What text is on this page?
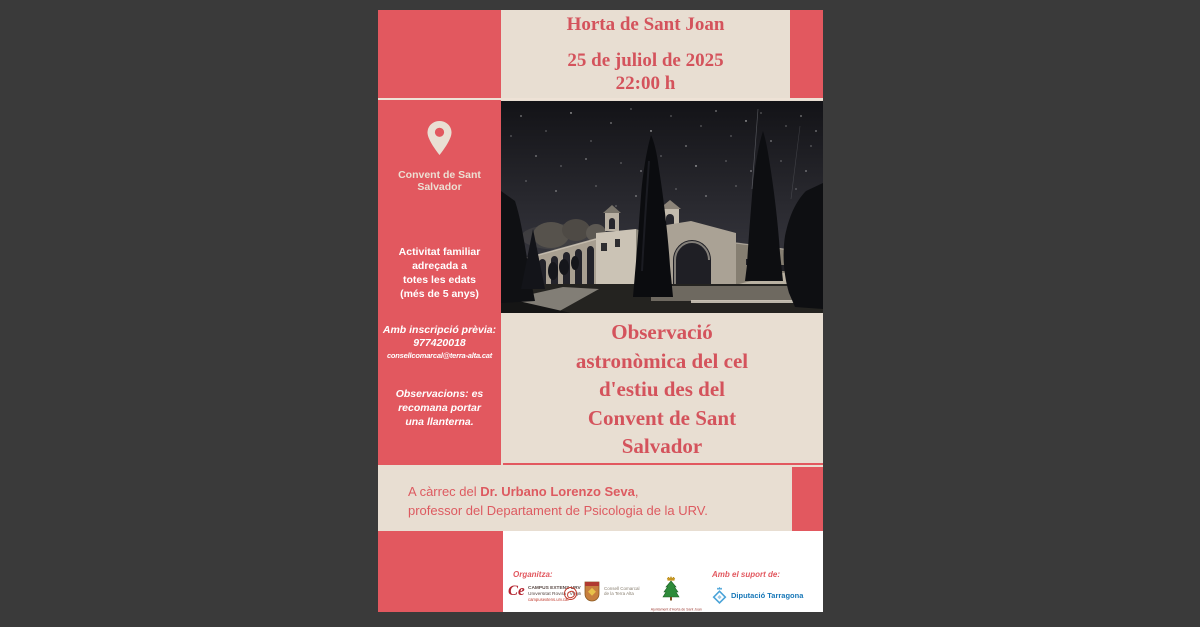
Horta de Sant Joan
25 de juliol de 2025
22:00 h
Convent de Sant Salvador
Activitat familiar
adreçada a
totes les edats
(més de 5 anys)
Amb inscripció prèvia:
977420018
consellcomarcal@terra-alta.cat
Observacions: es
recomana portar
una llanterna.
Observació
astronòmica del cel
d'estiu des del
Convent de Sant
Salvador
A càrrec del Dr. Urbano Lorenzo Seva,
professor del Departament de Psicologia de la URV.
Organitza:
Ce CAMPUS EXTENS URV
Universitat Rovira i Virgili
campusextens.urv.cat
Consell Comarcal
de la Terra Alta
Ajuntament d'Horta de Sant Joan
Amb el suport de:
Diputació Tarragona
